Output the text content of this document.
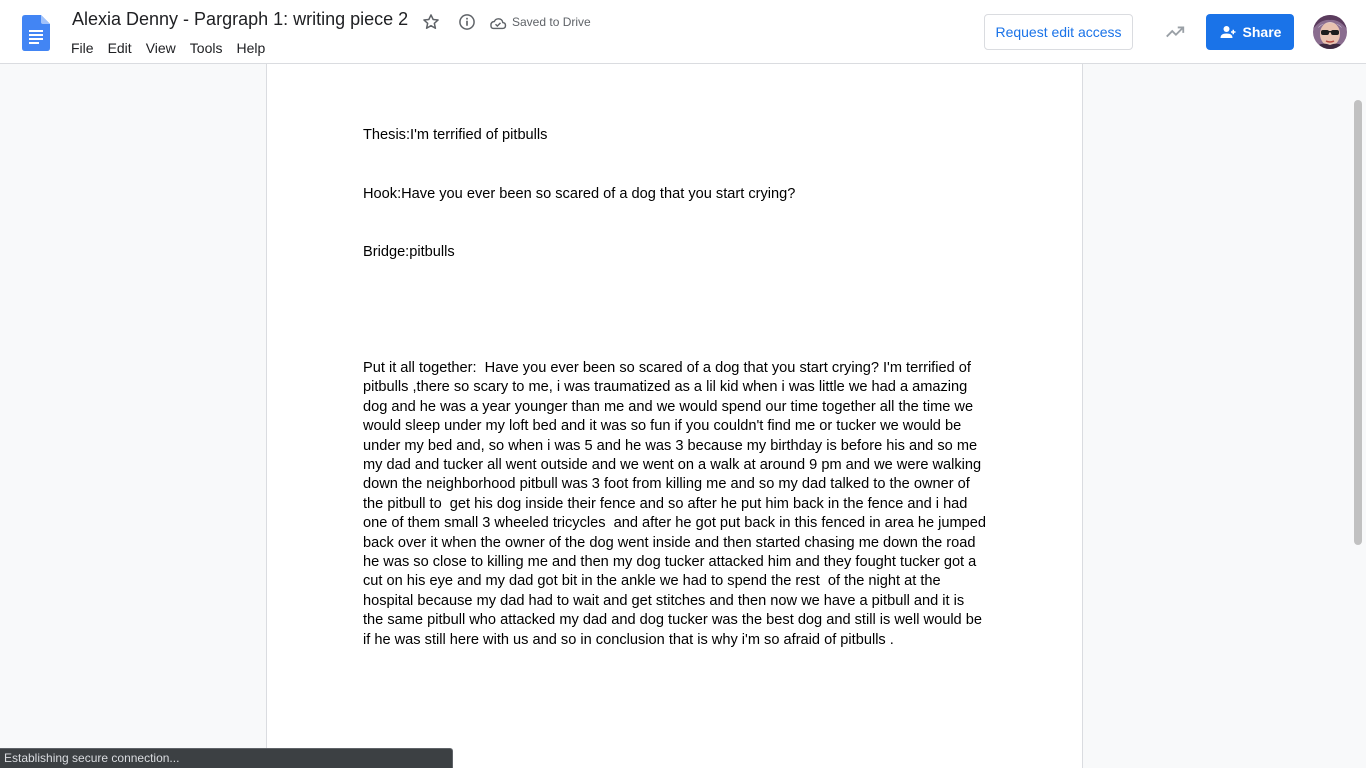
Alexia Denny - Pargraph 1: writing piece 2	Saved to Drive
File	Edit	View	Tools	Help
Request edit access	Share
Thesis:I'm terrified of pitbulls
Hook:Have you ever been so scared of a dog that you start crying?
Bridge:pitbulls
Put it all together:  Have you ever been so scared of a dog that you start crying? I'm terrified of
pitbulls ,there so scary to me, i was traumatized as a lil kid when i was little we had a amazing
dog and he was a year younger than me and we would spend our time together all the time we
would sleep under my loft bed and it was so fun if you couldn't find me or tucker we would be
under my bed and, so when i was 5 and he was 3 because my birthday is before his and so me
my dad and tucker all went outside and we went on a walk at around 9 pm and we were walking
down the neighborhood pitbull was 3 foot from killing me and so my dad talked to the owner of
the pitbull to  get his dog inside their fence and so after he put him back in the fence and i had
one of them small 3 wheeled tricycles  and after he got put back in this fenced in area he jumped
back over it when the owner of the dog went inside and then started chasing me down the road
he was so close to killing me and then my dog tucker attacked him and they fought tucker got a
cut on his eye and my dad got bit in the ankle we had to spend the rest  of the night at the
hospital because my dad had to wait and get stitches and then now we have a pitbull and it is
the same pitbull who attacked my dad and dog tucker was the best dog and still is well would be
if he was still here with us and so in conclusion that is why i'm so afraid of pitbulls .
Establishing secure connection...
